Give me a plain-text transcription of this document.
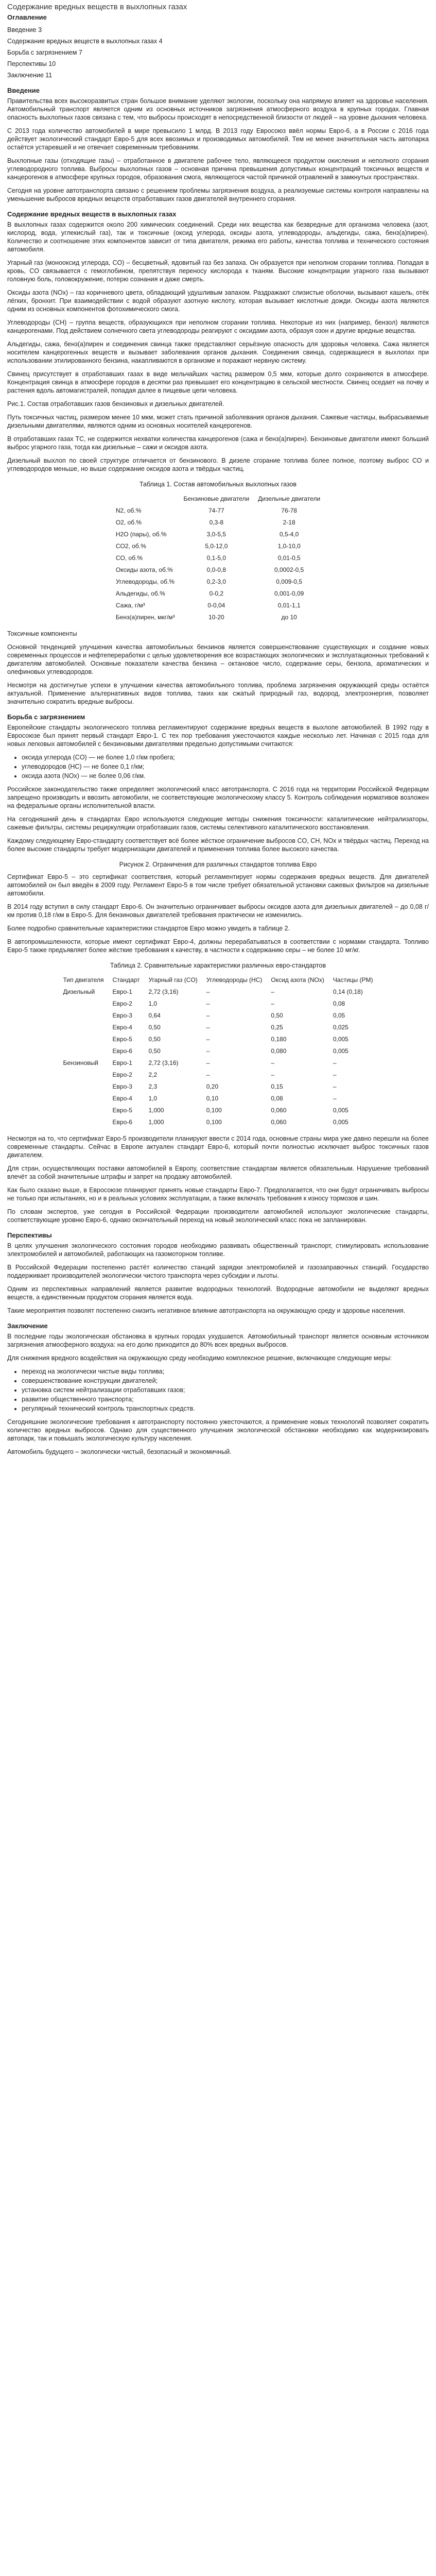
Содержание вредных веществ в выхлопных газах
Оглавление
Введение 3
Содержание вредных веществ в выхлопных газах 4
Борьба с загрязнением 7
Перспективы 10
Заключение 11
Введение

Правительства всех высокоразвитых стран большое внимание уделяют экологии, поскольку она напрямую влияет на здоровье населения. Автомобильный транспорт является одним из основных источников загрязнения атмосферного воздуха в крупных городах. Главная опасность выхлопных газов связана с тем, что выбросы происходят в непосредственной близости от людей – на уровне дыхания человека.

С 2013 года количество автомобилей в мире превысило 1 млрд. В 2013 году Евросоюз ввёл нормы Евро-6, а в России с 2016 года действует экологический стандарт Евро-5 для всех ввозимых и производимых автомобилей. Тем не менее значительная часть автопарка остаётся устаревшей и не отвечает современным требованиям.

Выхлопные газы (отходящие газы) – отработанное в двигателе рабочее тело, являющееся продуктом окисления и неполного сгорания углеводородного топлива. Выбросы выхлопных газов – основная причина превышения допустимых концентраций токсичных веществ и канцерогенов в атмосфере крупных городов, образования смога, являющегося частой причиной отравлений в замкнутых пространствах.

Сегодня на уровне автотранспорта связано с решением проблемы загрязнения воздуха, а реализуемые системы контроля направлены на уменьшение выбросов вредных веществ отработавших газов двигателей внутреннего сгорания.

Содержание вредных веществ в выхлопных газах

В выхлопных газах содержится около 200 химических соединений. Среди них вещества как безвредные для организма человека (азот, кислород, вода, углекислый газ), так и токсичные (оксид углерода, оксиды азота, углеводороды, альдегиды, сажа, бенз(а)пирен). Количество и соотношение этих компонентов зависит от типа двигателя, режима его работы, качества топлива и технического состояния автомобиля.

Угарный газ (монооксид углерода, CO) – бесцветный, ядовитый газ без запаха. Он образуется при неполном сгорании топлива. Попадая в кровь, CO связывается с гемоглобином, препятствуя переносу кислорода к тканям. Высокие концентрации угарного газа вызывают головную боль, головокружение, потерю сознания и даже смерть.

Оксиды азота (NOx) – газ коричневого цвета, обладающий удушливым запахом. Раздражают слизистые оболочки, вызывают кашель, отёк лёгких, бронхит. При взаимодействии с водой образуют азотную кислоту, которая вызывает кислотные дожди. Оксиды азота являются одним из основных компонентов фотохимического смога.

Углеводороды (CH) – группа веществ, образующихся при неполном сгорании топлива. Некоторые из них (например, бензол) являются канцерогенами. Под действием солнечного света углеводороды реагируют с оксидами азота, образуя озон и другие вредные вещества.

Альдегиды, сажа, бенз(а)пирен и соединения свинца также представляют серьёзную опасность для здоровья человека. Сажа является носителем канцерогенных веществ и вызывает заболевания органов дыхания. Соединения свинца, содержащиеся в выхлопах при использовании этилированного бензина, накапливаются в организме и поражают нервную систему.

Свинец присутствует в отработавших газах в виде мельчайших частиц размером 0,5 мкм, которые долго сохраняются в атмосфере. Концентрация свинца в атмосфере городов в десятки раз превышает его концентрацию в сельской местности. Свинец оседает на почву и растения вдоль автомагистралей, попадая далее в пищевые цепи человека.

Рис.1. Состав отработавших газов бензиновых и дизельных двигателей.

Путь токсичных частиц, размером менее 10 мкм, может стать причиной заболевания органов дыхания. Сажевые частицы, выбрасываемые дизельными двигателями, являются одним из основных носителей канцерогенов.

В отработавших газах ТС, не содержится нехватки количества канцерогенов (сажа и бенз(а)пирен). Бензиновые двигатели имеют больший выброс угарного газа, тогда как дизельные – сажи и оксидов азота.

Дизельный выхлоп по своей структуре отличается от бензинового. В дизеле сгорание топлива более полное, поэтому выброс СО и углеводородов меньше, но выше содержание оксидов азота и твёрдых частиц.

Таблица 1. Состав автомобильных выхлопных газов
	Бензиновые двигатели	Дизельные двигатели
N2, об.%	74-77	76-78
O2, об.%	0,3-8	2-18
H2O (пары), об.%	3,0-5,5	0,5-4,0
CO2, об.%	5,0-12,0	1,0-10,0
CO, об.%	0,1-5,0	0,01-0,5
Оксиды азота, об.%	0,0-0,8	0,0002-0,5
Углеводороды, об.%	0,2-3,0	0,009-0,5
Альдегиды, об.%	0-0,2	0,001-0,09
Сажа, г/м³	0-0,04	0,01-1,1
Бенз(а)пирен, мкг/м³	10-20	до 10

Токсичные компоненты

Основной тенденцией улучшения качества автомобильных бензинов является совершенствование существующих и создание новых современных процессов и нефтепереработки с целью удовлетворения все возрастающих экологических и эксплуатационных требований к двигателям автомобилей. Основные показатели качества бензина – октановое число, содержание серы, бензола, ароматических и олефиновых углеводородов.

Несмотря на достигнутые успехи в улучшении качества автомобильного топлива, проблема загрязнения окружающей среды остаётся актуальной. Применение альтернативных видов топлива, таких как сжатый природный газ, водород, электроэнергия, позволяет значительно сократить вредные выбросы.

Борьба с загрязнением

Европейские стандарты экологического топлива регламентируют содержание вредных веществ в выхлопе автомобилей. В 1992 году в Евросоюзе был принят первый стандарт Евро-1. С тех пор требования ужесточаются каждые несколько лет. Начиная с 2015 года для новых легковых автомобилей с бензиновыми двигателями предельно допустимыми считаются:

• оксида углерода (CO) — не более 1,0 г/км пробега;
• углеводородов (HC) — не более 0,1 г/км;
• оксида азота (NOx) — не более 0,06 г/км.

Российское законодательство также определяет экологический класс автотранспорта. С 2016 года на территории Российской Федерации запрещено производить и ввозить автомобили, не соответствующие экологическому классу 5. Контроль соблюдения нормативов возложен на федеральные органы исполнительной власти.

На сегодняшний день в стандартах Евро используются следующие методы снижения токсичности: каталитические нейтрализаторы, сажевые фильтры, системы рециркуляции отработавших газов, системы селективного каталитического восстановления.

Каждому следующему Евро-стандарту соответствует всё более жёсткое ограничение выбросов CO, CH, NOx и твёрдых частиц. Переход на более высокие стандарты требует модернизации двигателей и применения топлива более высокого качества.

Рисунок 2. Ограничения для различных стандартов топлива Евро

Сертификат Евро-5 – это сертификат соответствия, который регламентирует нормы содержания вредных веществ. Для двигателей автомобилей он был введён в 2009 году. Регламент Евро-5 в том числе требует обязательной установки сажевых фильтров на дизельные автомобили.

В 2014 году вступил в силу стандарт Евро-6. Он значительно ограничивает выбросы оксидов азота для дизельных двигателей – до 0,08 г/км против 0,18 г/км в Евро-5. Для бензиновых двигателей требования практически не изменились.

Более подробно сравнительные характеристики стандартов Евро можно увидеть в таблице 2.

В автопромышленности, которые имеют сертификат Евро-4, должны перерабатываться в соответствии с нормами стандарта. Топливо Евро-5 также предъявляет более жёсткие требования к качеству, в частности к содержанию серы – не более 10 мг/кг.

Таблица 2. Сравнительные характеристики различных евро-стандартов
Тип двигателя	Стандарт	Угарный газ (CO)	Углеводороды (HC)	Оксид азота (NOx)	Частицы (PM)
Дизельный	Евро-1	2,72 (3,16)	–	–	0,14 (0,18)
	Евро-2	1,0	–	–	0,08
	Евро-3	0,64	–	0,50	0,05
	Евро-4	0,50	–	0,25	0,025
	Евро-5	0,50	–	0,180	0,005
	Евро-6	0,50	–	0,080	0,005
Бензиновый	Евро-1	2,72 (3,16)	–	–	–
	Евро-2	2,2	–	–	–
	Евро-3	2,3	0,20	0,15	–
	Евро-4	1,0	0,10	0,08	–
	Евро-5	1,000	0,100	0,060	0,005
	Евро-6	1,000	0,100	0,060	0,005

Несмотря на то, что сертификат Евро-5 производители планируют ввести с 2014 года, основные страны мира уже давно перешли на более современные стандарты. Сейчас в Европе актуален стандарт Евро-6, который почти полностью исключает выброс токсичных газов двигателем.

Для стран, осуществляющих поставки автомобилей в Европу, соответствие стандартам является обязательным. Нарушение требований влечёт за собой значительные штрафы и запрет на продажу автомобилей.

Как было сказано выше, в Евросоюзе планируют принять новые стандарты Евро-7. Предполагается, что они будут ограничивать выбросы не только при испытаниях, но и в реальных условиях эксплуатации, а также включать требования к износу тормозов и шин.

По словам экспертов, уже сегодня в Российской Федерации производители автомобилей используют экологические стандарты, соответствующие уровню Евро-6, однако окончательный переход на новый экологический класс пока не запланирован.

Перспективы

В целях улучшения экологического состояния городов необходимо развивать общественный транспорт, стимулировать использование электромобилей и автомобилей, работающих на газомоторном топливе.

В Российской Федерации постепенно растёт количество станций зарядки электромобилей и газозаправочных станций. Государство поддерживает производителей экологически чистого транспорта через субсидии и льготы.

Одним из перспективных направлений является развитие водородных технологий. Водородные автомобили не выделяют вредных веществ, а единственным продуктом сгорания является вода.

Такие мероприятия позволят постепенно снизить негативное влияние автотранспорта на окружающую среду и здоровье населения.

Заключение

В последние годы экологическая обстановка в крупных городах ухудшается. Автомобильный транспорт является основным источником загрязнения атмосферного воздуха: на его долю приходится до 80% всех вредных выбросов.

Для снижения вредного воздействия на окружающую среду необходимо комплексное решение, включающее следующие меры:

• переход на экологически чистые виды топлива;
• совершенствование конструкции двигателей;
• установка систем нейтрализации отработавших газов;
• развитие общественного транспорта;
• регулярный технический контроль транспортных средств.

Сегодняшние экологические требования к автотранспорту постоянно ужесточаются, а применение новых технологий позволяет сократить количество вредных выбросов. Однако для существенного улучшения экологической обстановки необходимо как модернизировать автопарк, так и повышать экологическую культуру населения.

Автомобиль будущего – экологически чистый, безопасный и экономичный.
